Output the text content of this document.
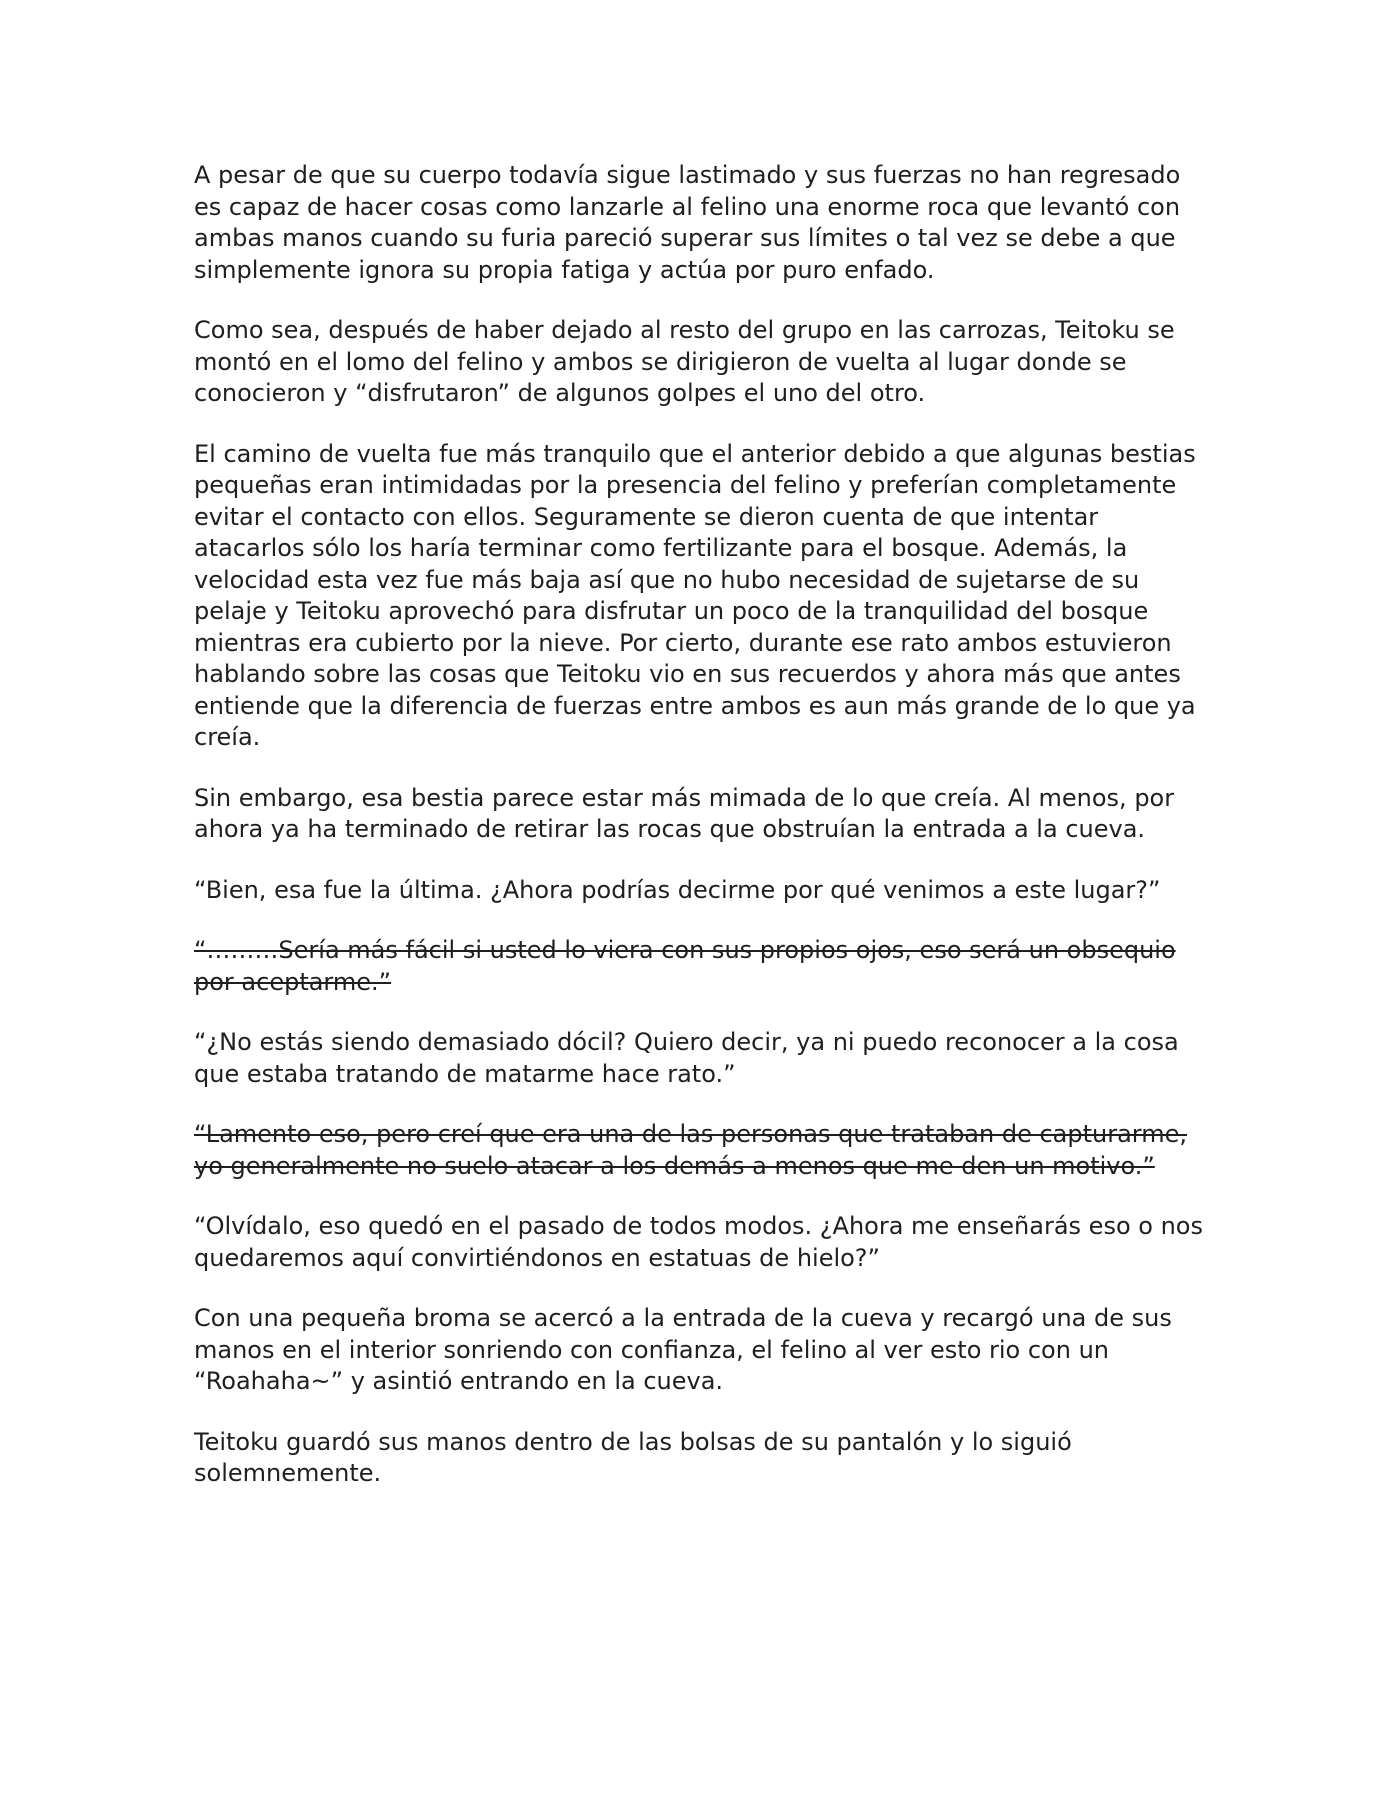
A pesar de que su cuerpo todavía sigue lastimado y sus fuerzas no han regresado es capaz de hacer cosas como lanzarle al felino una enorme roca que levantó con ambas manos cuando su furia pareció superar sus límites o tal vez se debe a que simplemente ignora su propia fatiga y actúa por puro enfado.

Como sea, después de haber dejado al resto del grupo en las carrozas, Teitoku se montó en el lomo del felino y ambos se dirigieron de vuelta al lugar donde se conocieron y “disfrutaron” de algunos golpes el uno del otro.

El camino de vuelta fue más tranquilo que el anterior debido a que algunas bestias pequeñas eran intimidadas por la presencia del felino y preferían completamente evitar el contacto con ellos. Seguramente se dieron cuenta de que intentar atacarlos sólo los haría terminar como fertilizante para el bosque. Además, la velocidad esta vez fue más baja así que no hubo necesidad de sujetarse de su pelaje y Teitoku aprovechó para disfrutar un poco de la tranquilidad del bosque mientras era cubierto por la nieve. Por cierto, durante ese rato ambos estuvieron hablando sobre las cosas que Teitoku vio en sus recuerdos y ahora más que antes entiende que la diferencia de fuerzas entre ambos es aun más grande de lo que ya creía.

Sin embargo, esa bestia parece estar más mimada de lo que creía. Al menos, por ahora ya ha terminado de retirar las rocas que obstruían la entrada a la cueva.

“Bien, esa fue la última. ¿Ahora podrías decirme por qué venimos a este lugar?”

“………Sería más fácil si usted lo viera con sus propios ojos, eso será un obsequio por aceptarme.”

“¿No estás siendo demasiado dócil? Quiero decir, ya ni puedo reconocer a la cosa que estaba tratando de matarme hace rato.”

“Lamento eso, pero creí que era una de las personas que trataban de capturarme, yo generalmente no suelo atacar a los demás a menos que me den un motivo.”

“Olvídalo, eso quedó en el pasado de todos modos. ¿Ahora me enseñarás eso o nos quedaremos aquí convirtiéndonos en estatuas de hielo?”

Con una pequeña broma se acercó a la entrada de la cueva y recargó una de sus manos en el interior sonriendo con confianza, el felino al ver esto rio con un “Roahaha~” y asintió entrando en la cueva.

Teitoku guardó sus manos dentro de las bolsas de su pantalón y lo siguió solemnemente.
